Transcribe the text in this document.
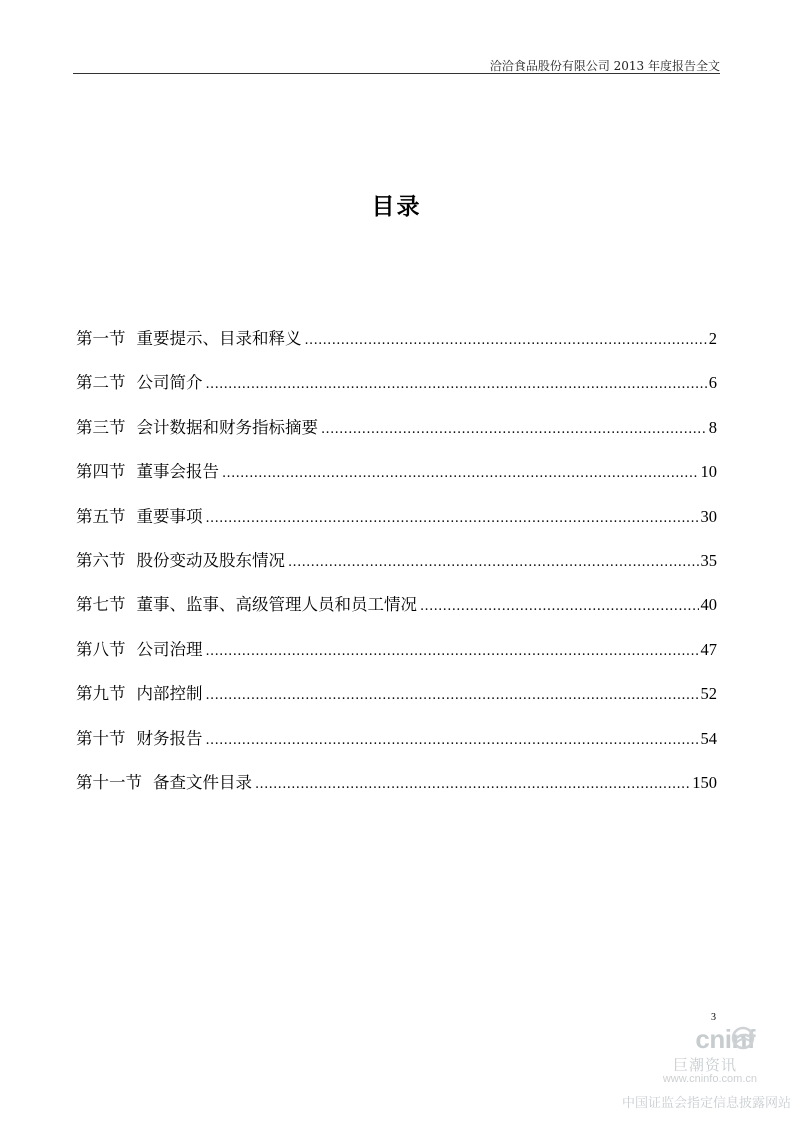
洽洽食品股份有限公司 2013 年度报告全文
目录
第一节 重要提示、目录和释义 .....	2
第二节 公司简介 .....	6
第三节 会计数据和财务指标摘要 .....	8
第四节 董事会报告 .....	10
第五节 重要事项 .....	30
第六节 股份变动及股东情况 .....	35
第七节 董事、监事、高级管理人员和员工情况 .....	40
第八节 公司治理 .....	47
第九节 内部控制 .....	52
第十节 财务报告 .....	54
第十一节 备查文件目录 .....	150
3
cninf
巨潮资讯
www.cninfo.com.cn
中国证监会指定信息披露网站
